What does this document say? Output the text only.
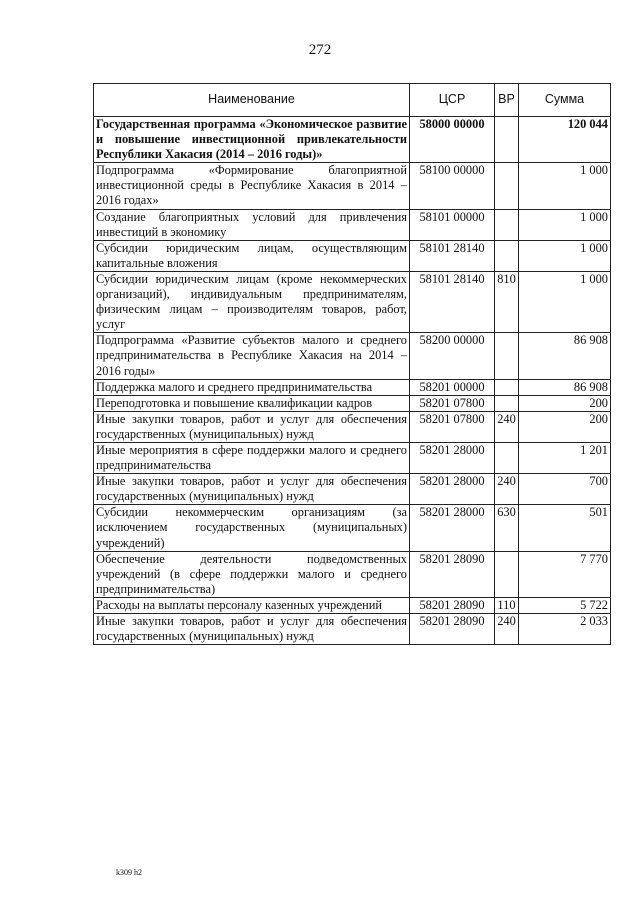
272
Наименование	ЦСР	ВР	Сумма
Государственная программа «Экономическое развитие и повышение инвестиционной привлекательности Республики Хакасия (2014 – 2016 годы)»	58000 00000		120 044
Подпрограмма «Формирование благоприятной инвестиционной среды в Республике Хакасия в 2014 – 2016 годах»	58100 00000		1 000
Создание благоприятных условий для привлечения инвестиций в экономику	58101 00000		1 000
Субсидии юридическим лицам, осуществляющим капитальные вложения	58101 28140		1 000
Субсидии юридическим лицам (кроме некоммерческих организаций), индивидуальным предпринимателям, физическим лицам – производителям товаров, работ, услуг	58101 28140	810	1 000
Подпрограмма «Развитие субъектов малого и среднего предпринимательства в Республике Хакасия на 2014 – 2016 годы»	58200 00000		86 908
Поддержка малого и среднего предпринимательства	58201 00000		86 908
Переподготовка и повышение квалификации кадров	58201 07800		200
Иные закупки товаров, работ и услуг для обеспечения государственных (муниципальных) нужд	58201 07800	240	200
Иные мероприятия в сфере поддержки малого и среднего предпринимательства	58201 28000		1 201
Иные закупки товаров, работ и услуг для обеспечения государственных (муниципальных) нужд	58201 28000	240	700
Субсидии некоммерческим организациям (за исключением государственных (муниципальных) учреждений)	58201 28000	630	501
Обеспечение деятельности подведомственных учреждений (в сфере поддержки малого и среднего предпринимательства)	58201 28090		7 770
Расходы на выплаты персоналу казенных учреждений	58201 28090	110	5 722
Иные закупки товаров, работ и услуг для обеспечения государственных (муниципальных) нужд	58201 28090	240	2 033
k309 h2
